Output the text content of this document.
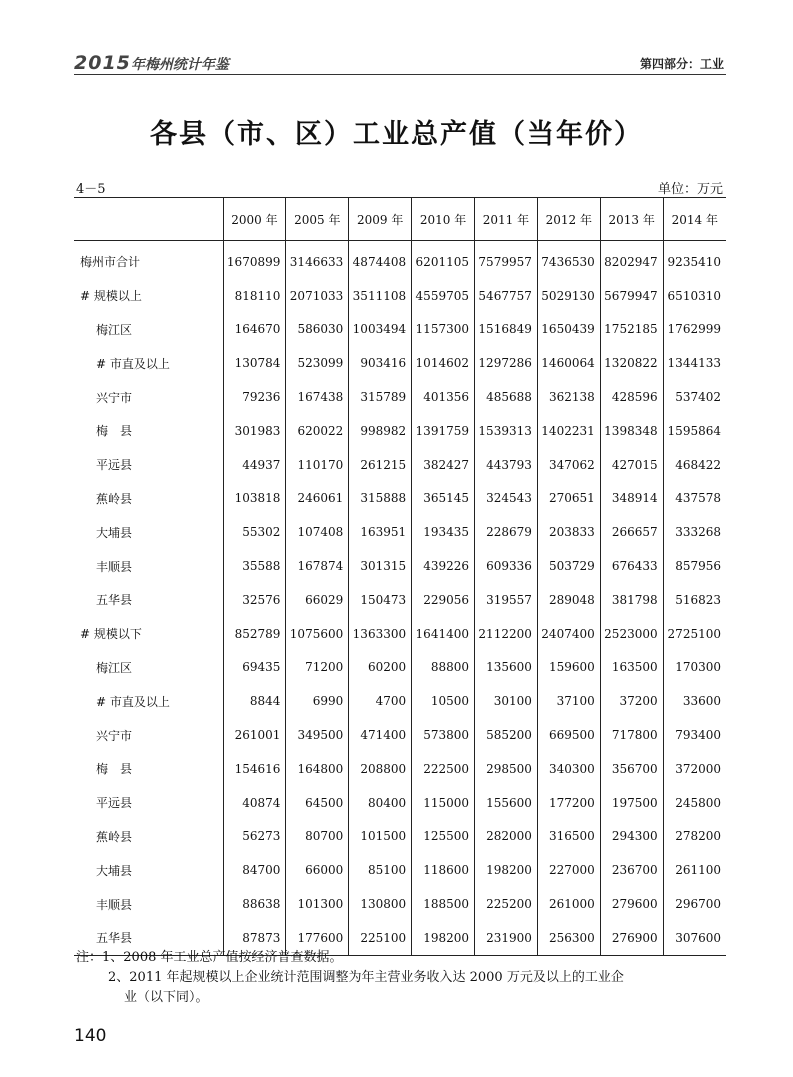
2015年梅州统计年鉴	第四部分：工业
各县（市、区）工业总产值（当年价）
4－5	单位：万元
	2000 年	2005 年	2009 年	2010 年	2011 年	2012 年	2013 年	2014 年
梅州市合计	1670899	3146633	4874408	6201105	7579957	7436530	8202947	9235410
# 规模以上	818110	2071033	3511108	4559705	5467757	5029130	5679947	6510310
梅江区	164670	586030	1003494	1157300	1516849	1650439	1752185	1762999
# 市直及以上	130784	523099	903416	1014602	1297286	1460064	1320822	1344133
兴宁市	79236	167438	315789	401356	485688	362138	428596	537402
梅　县	301983	620022	998982	1391759	1539313	1402231	1398348	1595864
平远县	44937	110170	261215	382427	443793	347062	427015	468422
蕉岭县	103818	246061	315888	365145	324543	270651	348914	437578
大埔县	55302	107408	163951	193435	228679	203833	266657	333268
丰顺县	35588	167874	301315	439226	609336	503729	676433	857956
五华县	32576	66029	150473	229056	319557	289048	381798	516823
# 规模以下	852789	1075600	1363300	1641400	2112200	2407400	2523000	2725100
梅江区	69435	71200	60200	88800	135600	159600	163500	170300
# 市直及以上	8844	6990	4700	10500	30100	37100	37200	33600
兴宁市	261001	349500	471400	573800	585200	669500	717800	793400
梅　县	154616	164800	208800	222500	298500	340300	356700	372000
平远县	40874	64500	80400	115000	155600	177200	197500	245800
蕉岭县	56273	80700	101500	125500	282000	316500	294300	278200
大埔县	84700	66000	85100	118600	198200	227000	236700	261100
丰顺县	88638	101300	130800	188500	225200	261000	279600	296700
五华县	87873	177600	225100	198200	231900	256300	276900	307600

注：1、2008 年工业总产值按经济普查数据。

2、2011 年起规模以上企业统计范围调整为年主营业务收入达 2000 万元及以上的工业企

业（以下同）。

140
